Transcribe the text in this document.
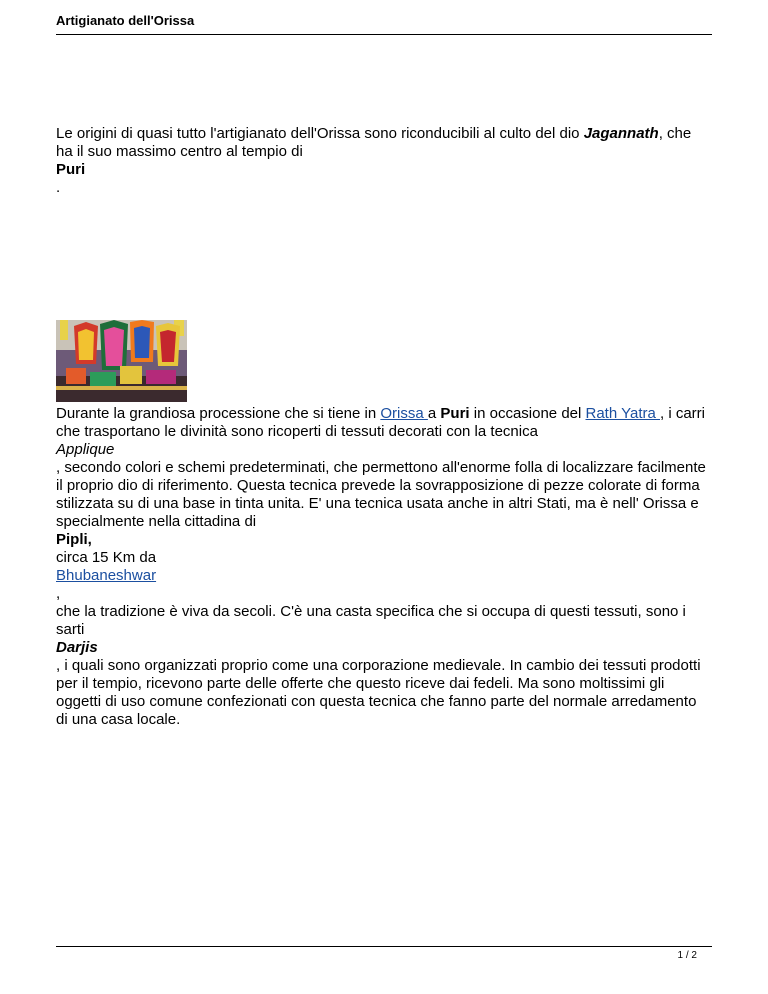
Artigianato dell'Orissa
Le origini di quasi tutto l'artigianato dell'Orissa sono riconducibili al culto del dio Jagannath, che ha il suo massimo centro al tempio di
Puri
.
Durante la grandiosa processione che si tiene in Orissa a Puri in occasione del Rath Yatra , i carri che trasportano le divinità sono ricoperti di tessuti decorati con la tecnica
Applique
, secondo colori e schemi predeterminati, che permettono all'enorme folla di localizzare facilmente il proprio dio di riferimento. Questa tecnica prevede la sovrapposizione di pezze colorate di forma stilizzata su di una base in tinta unita. E' una tecnica usata anche in altri Stati, ma è nell' Orissa e specialmente nella cittadina di
Pipli,
circa 15 Km da
Bhubaneshwar
,
che la tradizione è viva da secoli. C'è una casta specifica che si occupa di questi tessuti, sono i sarti
Darjis
, i quali sono organizzati proprio come una corporazione medievale. In cambio dei tessuti prodotti per il tempio, ricevono parte delle offerte che questo riceve dai fedeli. Ma sono moltissimi gli oggetti di uso comune confezionati con questa tecnica che fanno parte del normale arredamento di una casa locale.
1 / 2
